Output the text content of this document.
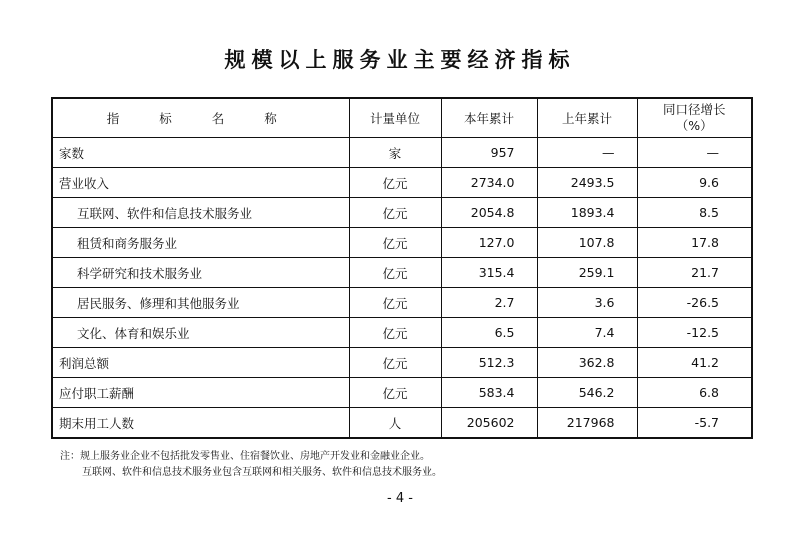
规模以上服务业主要经济指标
指 标 名 称	计量单位	本年累计	上年累计	同口径增长
（%）

家数	家	957	—	—
营业收入	亿元	2734.0	2493.5	9.6
互联网、软件和信息技术服务业	亿元	2054.8	1893.4	8.5
租赁和商务服务业	亿元	127.0	107.8	17.8
科学研究和技术服务业	亿元	315.4	259.1	21.7
居民服务、修理和其他服务业	亿元	2.7	3.6	-26.5
文化、体育和娱乐业	亿元	6.5	7.4	-12.5
利润总额	亿元	512.3	362.8	41.2
应付职工薪酬	亿元	583.4	546.2	6.8
期末用工人数	人	205602	217968	-5.7
注：规上服务业企业不包括批发零售业、住宿餐饮业、房地产开发业和金融业企业。
互联网、软件和信息技术服务业包含互联网和相关服务、软件和信息技术服务业。
- 4 -
